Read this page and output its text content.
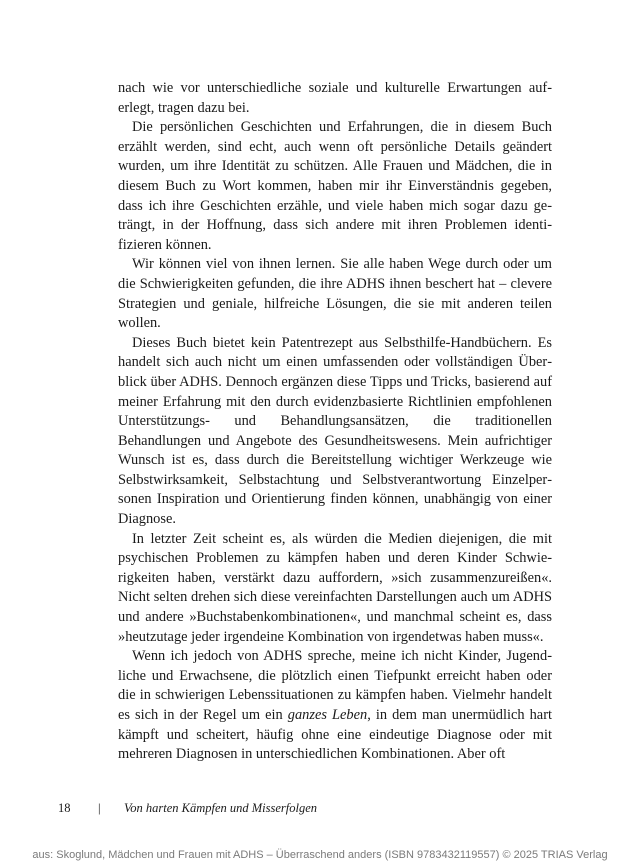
nach wie vor unterschiedliche soziale und kulturelle Erwartungen auferlegt, tragen dazu bei.

Die persönlichen Geschichten und Erfahrungen, die in diesem Buch erzählt werden, sind echt, auch wenn oft persönliche Details geändert wurden, um ihre Identität zu schützen. Alle Frauen und Mädchen, die in diesem Buch zu Wort kommen, haben mir ihr Einverständnis gegeben, dass ich ihre Geschichten erzähle, und viele haben mich sogar dazu geträngt, in der Hoffnung, dass sich andere mit ihren Problemen identifizieren können.

Wir können viel von ihnen lernen. Sie alle haben Wege durch oder um die Schwierigkeiten gefunden, die ihre ADHS ihnen beschert hat – clevere Strategien und geniale, hilfreiche Lösungen, die sie mit anderen teilen wollen.

Dieses Buch bietet kein Patentrezept aus Selbsthilfe-Handbüchern. Es handelt sich auch nicht um einen umfassenden oder vollständigen Überblick über ADHS. Dennoch ergänzen diese Tipps und Tricks, basierend auf meiner Erfahrung mit den durch evidenzbasierte Richtlinien empfohlenen Unterstützungs- und Behandlungsansätzen, die traditionellen Behandlungen und Angebote des Gesundheitswesens. Mein aufrichtiger Wunsch ist es, dass durch die Bereitstellung wichtiger Werkzeuge wie Selbstwirksamkeit, Selbstachtung und Selbstverantwortung Einzelpersonen Inspiration und Orientierung finden können, unabhängig von einer Diagnose.

In letzter Zeit scheint es, als würden die Medien diejenigen, die mit psychischen Problemen zu kämpfen haben und deren Kinder Schwierigkeiten haben, verstärkt dazu auffordern, »sich zusammenzureißen«. Nicht selten drehen sich diese vereinfachten Darstellungen auch um ADHS und andere »Buchstabenkombinationen«, und manchmal scheint es, dass »heutzutage jeder irgendeine Kombination von irgendetwas haben muss«.

Wenn ich jedoch von ADHS spreche, meine ich nicht Kinder, Jugendliche und Erwachsene, die plötzlich einen Tiefpunkt erreicht haben oder die in schwierigen Lebenssituationen zu kämpfen haben. Vielmehr handelt es sich in der Regel um ein ganzes Leben, in dem man unermüdlich hart kämpft und scheitert, häufig ohne eine eindeutige Diagnose oder mit mehreren Diagnosen in unterschiedlichen Kombinationen. Aber oft

18 | Von harten Kämpfen und Misserfolgen
aus: Skoglund, Mädchen und Frauen mit ADHS – Überraschend anders (ISBN 9783432119557) © 2025 TRIAS Verlag
